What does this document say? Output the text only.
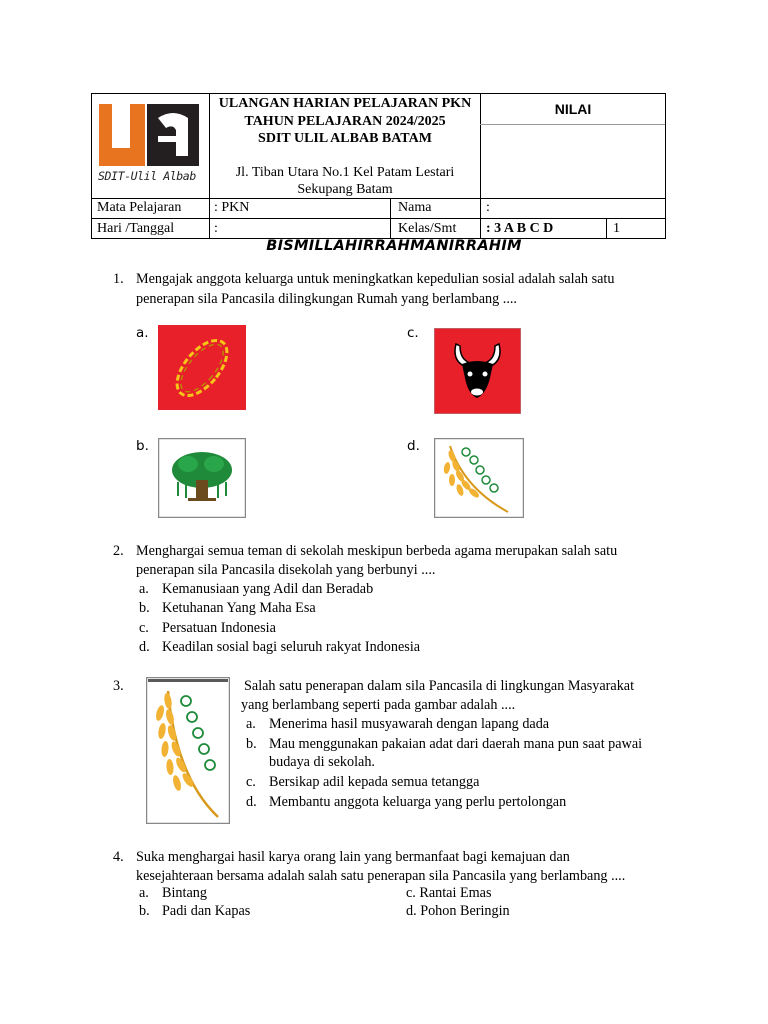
SDIT-Ulil Albab
ULANGAN HARIAN PELAJARAN PKN
TAHUN PELAJARAN 2024/2025
SDIT ULIL ALBAB BATAM
Jl. Tiban Utara No.1 Kel Patam Lestari
Sekupang Batam
NILAI
Mata Pelajaran : PKN	Nama	:
Hari /Tanggal	:	Kelas/Smt : 3 A B C D	1
BISMILLAHIRRAHMANIRRAHIM
1. Mengajak anggota keluarga untuk meningkatkan kepedulian sosial adalah salah satu
penerapan sila Pancasila dilingkungan Rumah yang berlambang ....
a.	c.
b.	d.
2. Menghargai semua teman di sekolah meskipun berbeda agama merupakan salah satu
penerapan sila Pancasila disekolah yang berbunyi ....
a. Kemanusiaan yang Adil dan Beradab
b. Ketuhanan Yang Maha Esa
c. Persatuan Indonesia
d. Keadilan sosial bagi seluruh rakyat Indonesia
3.	Salah satu penerapan dalam sila Pancasila di lingkungan Masyarakat
yang berlambang seperti pada gambar adalah ....
a. Menerima hasil musyawarah dengan lapang dada
b. Mau menggunakan pakaian adat dari daerah mana pun saat pawai
budaya di sekolah.
c. Bersikap adil kepada semua tetangga
d. Membantu anggota keluarga yang perlu pertolongan
4. Suka menghargai hasil karya orang lain yang bermanfaat bagi kemajuan dan
kesejahteraan bersama adalah salah satu penerapan sila Pancasila yang berlambang ....
a. Bintang
b. Padi dan Kapas
c. Rantai Emas
d. Pohon Beringin
